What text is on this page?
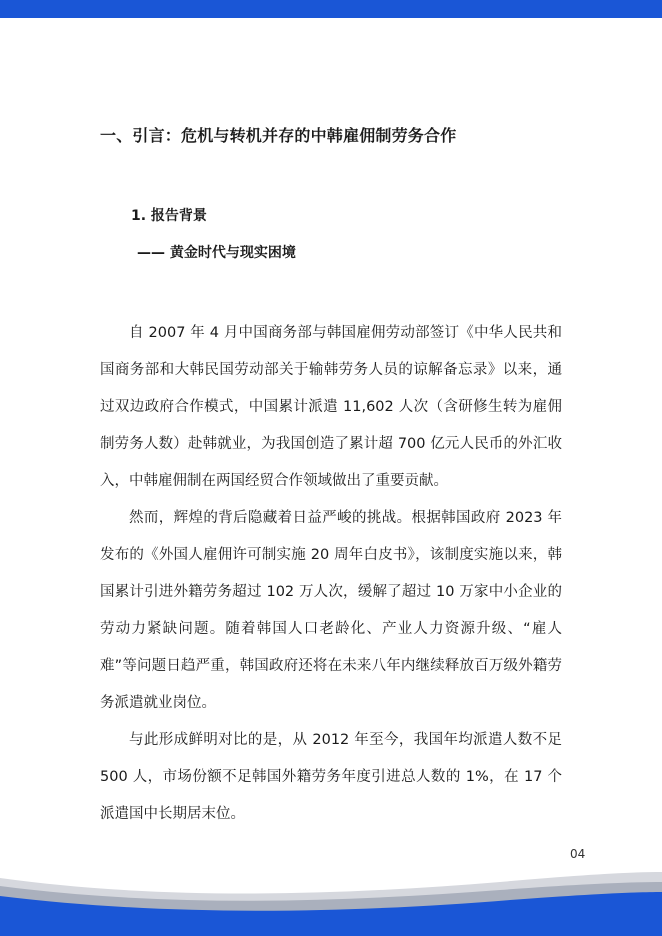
一、引言：危机与转机并存的中韩雇佣制劳务合作
1. 报告背景
—— 黄金时代与现实困境

自 2007 年 4 月中国商务部与韩国雇佣劳动部签订《中华人民共和国商务部和大韩民国劳动部关于输韩劳务人员的谅解备忘录》以来，通过双边政府合作模式，中国累计派遣 11,602 人次（含研修生转为雇佣制劳务人数）赴韩就业，为我国创造了累计超 700 亿元人民币的外汇收入，中韩雇佣制在两国经贸合作领域做出了重要贡献。

然而，辉煌的背后隐藏着日益严峻的挑战。根据韩国政府 2023 年发布的《外国人雇佣许可制实施 20 周年白皮书》，该制度实施以来，韩国累计引进外籍劳务超过 102 万人次，缓解了超过 10 万家中小企业的劳动力紧缺问题。随着韩国人口老龄化、产业人力资源升级、“雇人难”等问题日趋严重，韩国政府还将在未来八年内继续释放百万级外籍劳务派遣就业岗位。

与此形成鲜明对比的是，从 2012 年至今，我国年均派遣人数不足 500 人，市场份额不足韩国外籍劳务年度引进总人数的 1%，在 17 个派遣国中长期居末位。

04
